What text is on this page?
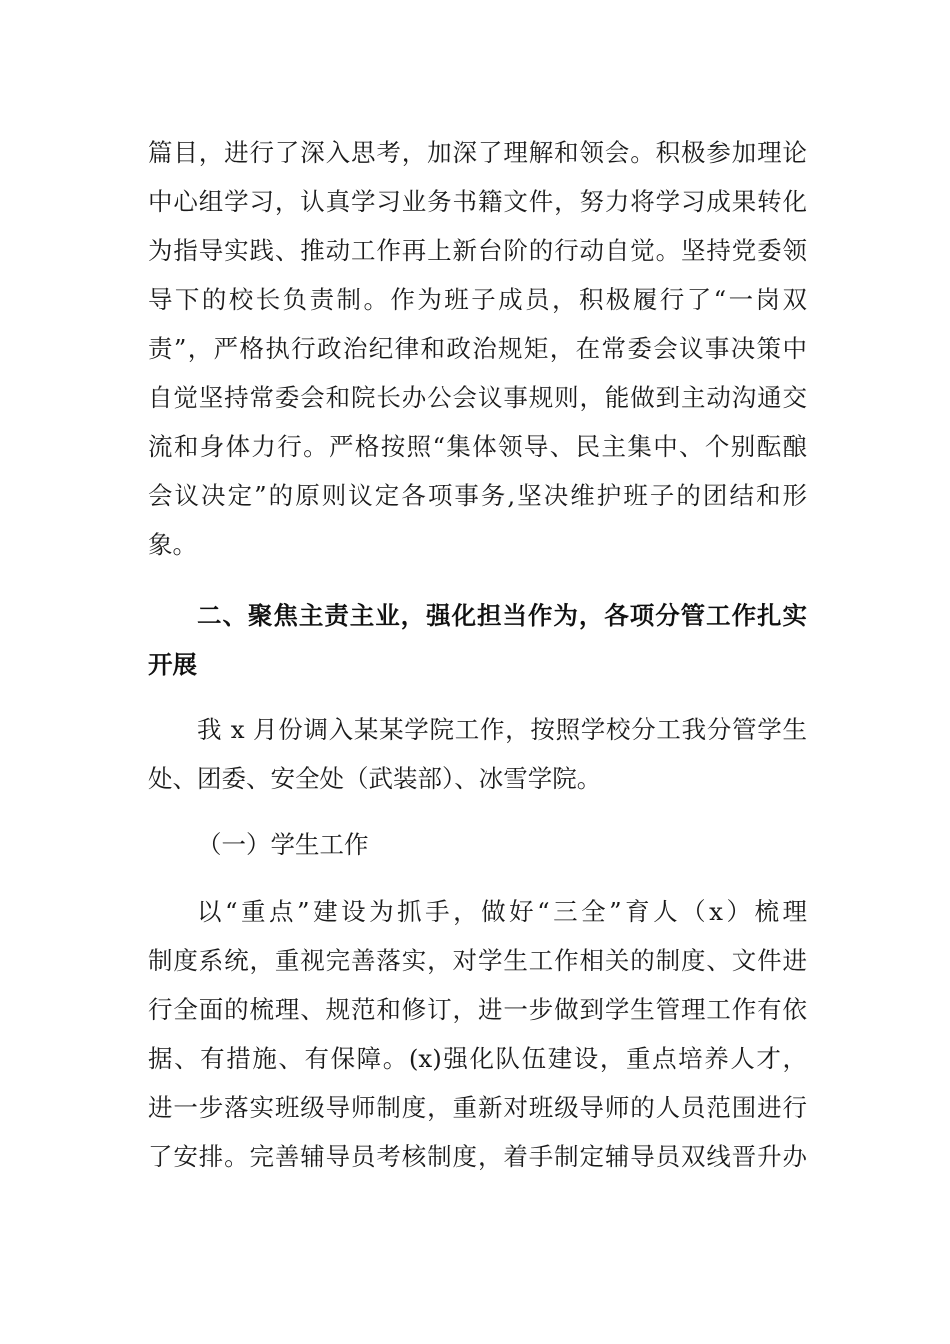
篇目，进行了深入思考，加深了理解和领会。积极参加理论

中心组学习，认真学习业务书籍文件，努力将学习成果转化

为指导实践、推动工作再上新台阶的行动自觉。坚持党委领

导下的校长负责制。作为班子成员，积极履行了“一岗双

责”，严格执行政治纪律和政治规矩，在常委会议事决策中

自觉坚持常委会和院长办公会议事规则，能做到主动沟通交

流和身体力行。严格按照“集体领导、民主集中、个别酝酿

会议决定”的原则议定各项事务,坚决维护班子的团结和形

象。

二、聚焦主责主业，强化担当作为，各项分管工作扎实

开展

我 x 月份调入某某学院工作，按照学校分工我分管学生

处、团委、安全处（武装部）、冰雪学院。

（一）学生工作

以“重点”建设为抓手，做好“三全”育人（x）梳理

制度系统，重视完善落实，对学生工作相关的制度、文件进

行全面的梳理、规范和修订，进一步做到学生管理工作有依

据、有措施、有保障。(x)强化队伍建设，重点培养人才，

进一步落实班级导师制度，重新对班级导师的人员范围进行

了安排。完善辅导员考核制度，着手制定辅导员双线晋升办
